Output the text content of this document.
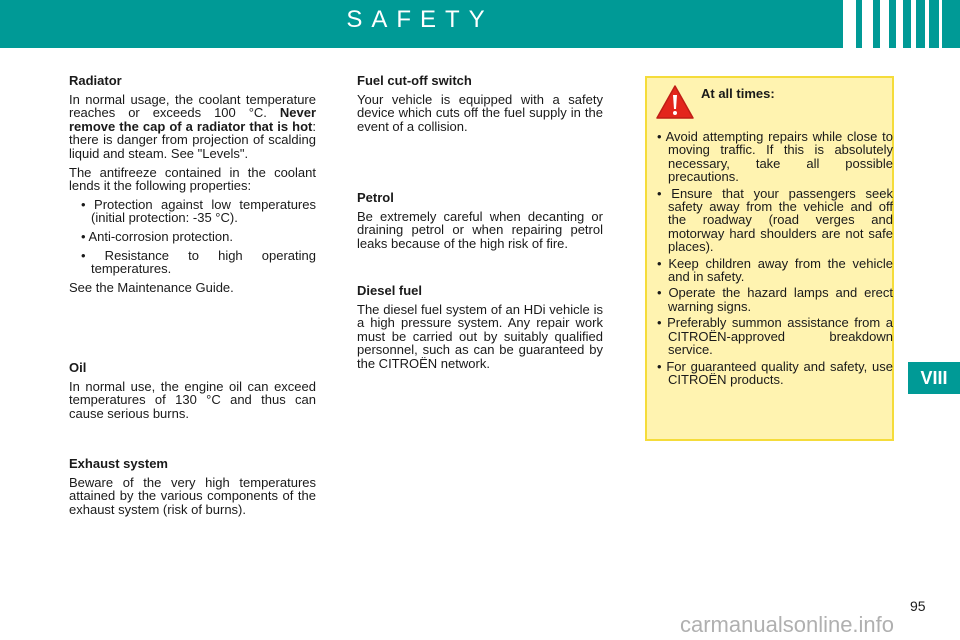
SAFETY
Radiator

In normal usage, the coolant temperature reaches or exceeds 100 °C. Never remove the cap of a radiator that is hot: there is danger from projection of scalding liquid and steam. See "Levels".

The antifreeze contained in the coolant lends it the following properties:

• Protection against low temperatures (initial protection: -35 °C).
• Anti-corrosion protection.
• Resistance to high operating temperatures.

See the Maintenance Guide.

Oil

In normal use, the engine oil can exceed temperatures of 130 °C and thus can cause serious burns.

Exhaust system

Beware of the very high temperatures attained by the various components of the exhaust system (risk of burns).

Fuel cut-off switch

Your vehicle is equipped with a safety device which cuts off the fuel supply in the event of a collision.

Petrol

Be extremely careful when decanting or draining petrol or when repairing petrol leaks because of the high risk of fire.

Diesel fuel

The diesel fuel system of an HDi vehicle is a high pressure system. Any repair work must be carried out by suitably qualified personnel, such as can be guaranteed by the CITROËN network.

At all times:
• Avoid attempting repairs while close to moving traffic. If this is absolutely necessary, take all possible precautions.
• Ensure that your passengers seek safety away from the vehicle and off the roadway (road verges and motorway hard shoulders are not safe places).
• Keep children away from the vehicle and in safety.
• Operate the hazard lamps and erect warning signs.
• Preferably summon assistance from a CITROËN-approved breakdown service.
• For guaranteed quality and safety, use CITROËN products.	VIII
95
carmanualsonline.info
